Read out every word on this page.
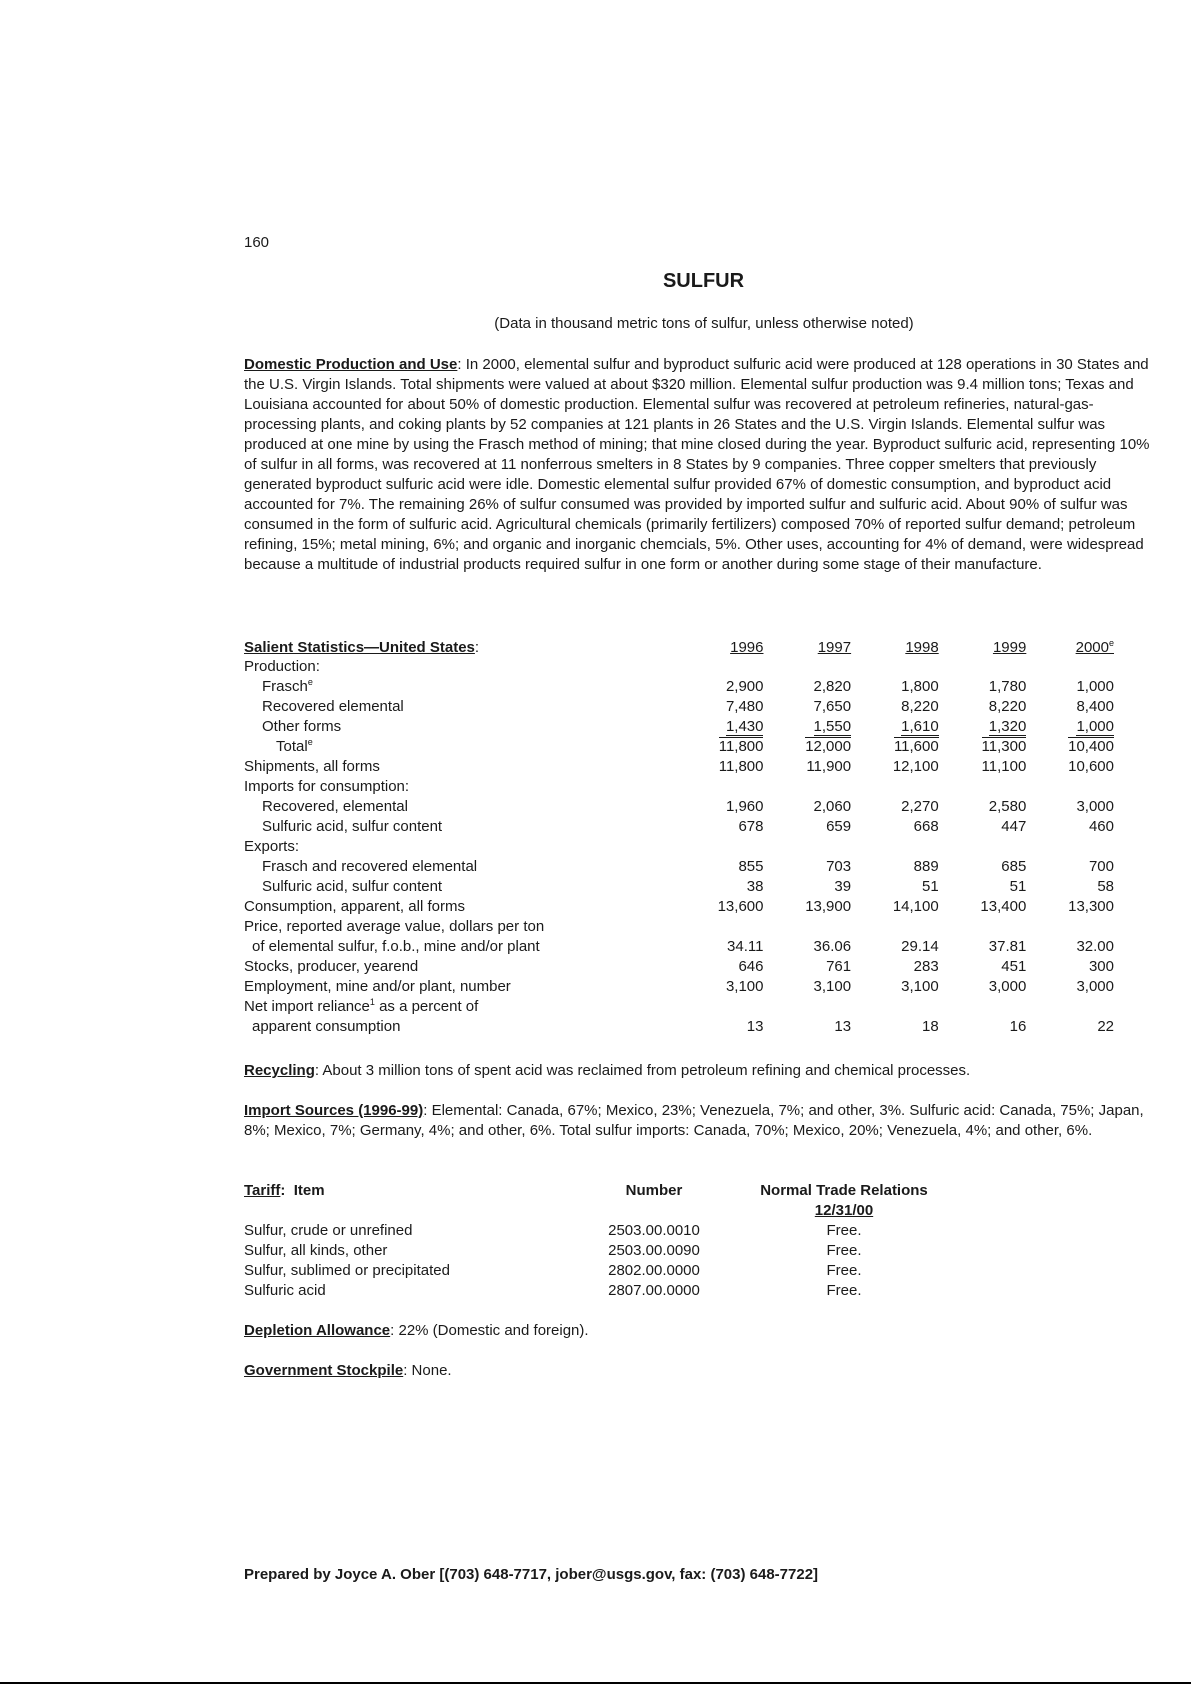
160
SULFUR
(Data in thousand metric tons of sulfur, unless otherwise noted)
Domestic Production and Use: In 2000, elemental sulfur and byproduct sulfuric acid were produced at 128 operations in 30 States and the U.S. Virgin Islands. Total shipments were valued at about $320 million. Elemental sulfur production was 9.4 million tons; Texas and Louisiana accounted for about 50% of domestic production. Elemental sulfur was recovered at petroleum refineries, natural-gas-processing plants, and coking plants by 52 companies at 121 plants in 26 States and the U.S. Virgin Islands. Elemental sulfur was produced at one mine by using the Frasch method of mining; that mine closed during the year. Byproduct sulfuric acid, representing 10% of sulfur in all forms, was recovered at 11 nonferrous smelters in 8 States by 9 companies. Three copper smelters that previously generated byproduct sulfuric acid were idle. Domestic elemental sulfur provided 67% of domestic consumption, and byproduct acid accounted for 7%. The remaining 26% of sulfur consumed was provided by imported sulfur and sulfuric acid. About 90% of sulfur was consumed in the form of sulfuric acid. Agricultural chemicals (primarily fertilizers) composed 70% of reported sulfur demand; petroleum refining, 15%; metal mining, 6%; and organic and inorganic chemcials, 5%. Other uses, accounting for 4% of demand, were widespread because a multitude of industrial products required sulfur in one form or another during some stage of their manufacture.
Salient Statistics—United States:	1996	1997	1998	1999	2000e
Production:					
Frasch$^e$	2,900	2,820	1,800	1,780	1,000
Recovered elemental	7,480	7,650	8,220	8,220	8,400
Other forms	1,430	1,550	1,610	1,320	1,000
Total$^e$	11,800	12,000	11,600	11,300	10,400
Shipments, all forms	11,800	11,900	12,100	11,100	10,600
Imports for consumption:					
Recovered, elemental	1,960	2,060	2,270	2,580	3,000
Sulfuric acid, sulfur content	678	659	668	447	460
Exports:					
Frasch and recovered elemental	855	703	889	685	700
Sulfuric acid, sulfur content	38	39	51	51	58
Consumption, apparent, all forms	13,600	13,900	14,100	13,400	13,300
Price, reported average value, dollars per ton					
of elemental sulfur, f.o.b., mine and/or plant	34.11	36.06	29.14	37.81	32.00
Stocks, producer, yearend	646	761	283	451	300
Employment, mine and/or plant, number	3,100	3,100	3,100	3,000	3,000
Net import reliance$^1$ as a percent of					
apparent consumption	13	13	18	16	22
Recycling: About 3 million tons of spent acid was reclaimed from petroleum refining and chemical processes.
Import Sources (1996-99): Elemental: Canada, 67%; Mexico, 23%; Venezuela, 7%; and other, 3%. Sulfuric acid: Canada, 75%; Japan, 8%; Mexico, 7%; Germany, 4%; and other, 6%. Total sulfur imports: Canada, 70%; Mexico, 20%; Venezuela, 4%; and other, 6%.
Tariff:  Item	Number	Normal Trade Relations
		12/31/00
Sulfur, crude or unrefined	2503.00.0010	Free.
Sulfur, all kinds, other	2503.00.0090	Free.
Sulfur, sublimed or precipitated	2802.00.0000	Free.
Sulfuric acid	2807.00.0000	Free.
Depletion Allowance: 22% (Domestic and foreign).
Government Stockpile: None.
Prepared by Joyce A. Ober [(703) 648-7717, jober@usgs.gov, fax: (703) 648-7722]
